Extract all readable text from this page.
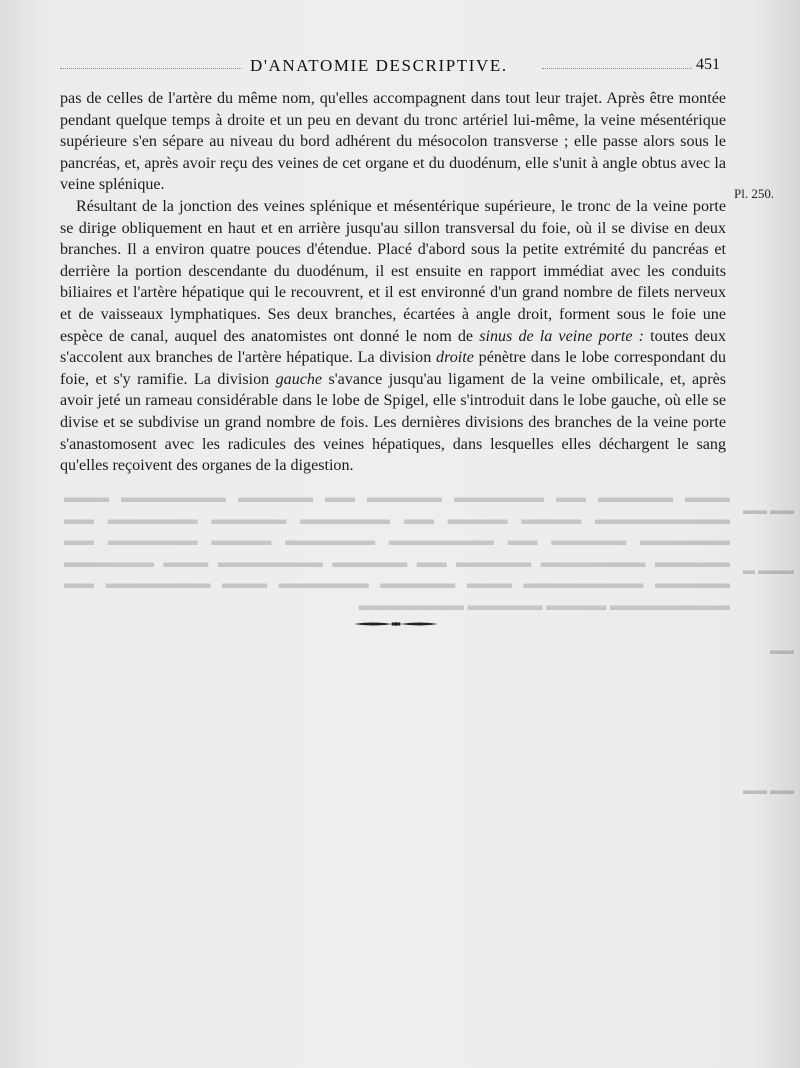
D'ANATOMIE DESCRIPTIVE.	451
Pl. 250.

pas de celles de l'artère du même nom, qu'elles accompagnent dans tout leur trajet. Après être montée pendant quelque temps à droite et un peu en devant du tronc artériel lui-même, la veine mésentérique supérieure s'en sépare au niveau du bord adhérent du mésocolon transverse ; elle passe alors sous le pancréas, et, après avoir reçu des veines de cet organe et du duodénum, elle s'unit à angle obtus avec la veine splénique.

Résultant de la jonction des veines splénique et mésentérique supérieure, le tronc de la veine porte se dirige obliquement en haut et en arrière jusqu'au sillon transversal du foie, où il se divise en deux branches. Il a environ quatre pouces d'étendue. Placé d'abord sous la petite extrémité du pancréas et derrière la portion descendante du duodénum, il est ensuite en rapport immédiat avec les conduits biliaires et l'artère hépatique qui le recouvrent, et il est environné d'un grand nombre de filets nerveux et de vaisseaux lymphatiques. Ses deux branches, écartées à angle droit, forment sous le foie une espèce de canal, auquel des anatomistes ont donné le nom de sinus de la veine porte : toutes deux s'accolent aux branches de l'artère hépatique. La division droite pénètre dans le lobe correspondant du foie, et s'y ramifie. La division gauche s'avance jusqu'au ligament de la veine ombilicale, et, après avoir jeté un rameau considérable dans le lobe de Spigel, elle s'introduit dans le lobe gauche, où elle se divise et se subdivise un grand nombre de fois. Les dernières divisions des branches de la veine porte s'anastomosent avec les radicules des veines hépatiques, dans lesquelles elles déchargent le sang qu'elles reçoivent des organes de la digestion.

▬▬▬ ▬▬▬▬▬ ▬▬ ▬▬▬▬▬▬ ▬▬▬▬▬ ▬▬ ▬▬▬▬▬ ▬▬▬▬▬▬▬ ▬▬▬ ▬▬▬▬▬▬▬▬▬ ▬▬▬▬ ▬▬▬▬ ▬▬ ▬▬▬▬▬▬ ▬▬▬▬▬ ▬▬▬▬▬▬ ▬▬ ▬▬▬▬▬▬ ▬▬▬▬▬ ▬▬ ▬▬▬▬▬▬▬ ▬▬▬▬▬▬ ▬▬▬▬ ▬▬▬▬▬▬ ▬▬ ▬▬▬▬▬ ▬▬▬▬▬▬▬ ▬▬▬▬▬ ▬▬ ▬▬▬▬▬ ▬▬▬▬▬▬▬ ▬▬▬ ▬▬▬▬▬▬ ▬▬▬▬▬ ▬▬▬▬▬▬▬▬ ▬▬▬ ▬▬▬▬▬ ▬▬▬▬▬▬ ▬▬▬ ▬▬▬▬▬▬▬ ▬▬ ▬▬▬▬▬▬▬▬ ▬▬▬▬ ▬▬▬▬▬ ▬▬▬▬▬▬▬
▬▬ ▬▬

▬▬▬ ▬

▬▬

▬▬ ▬▬
